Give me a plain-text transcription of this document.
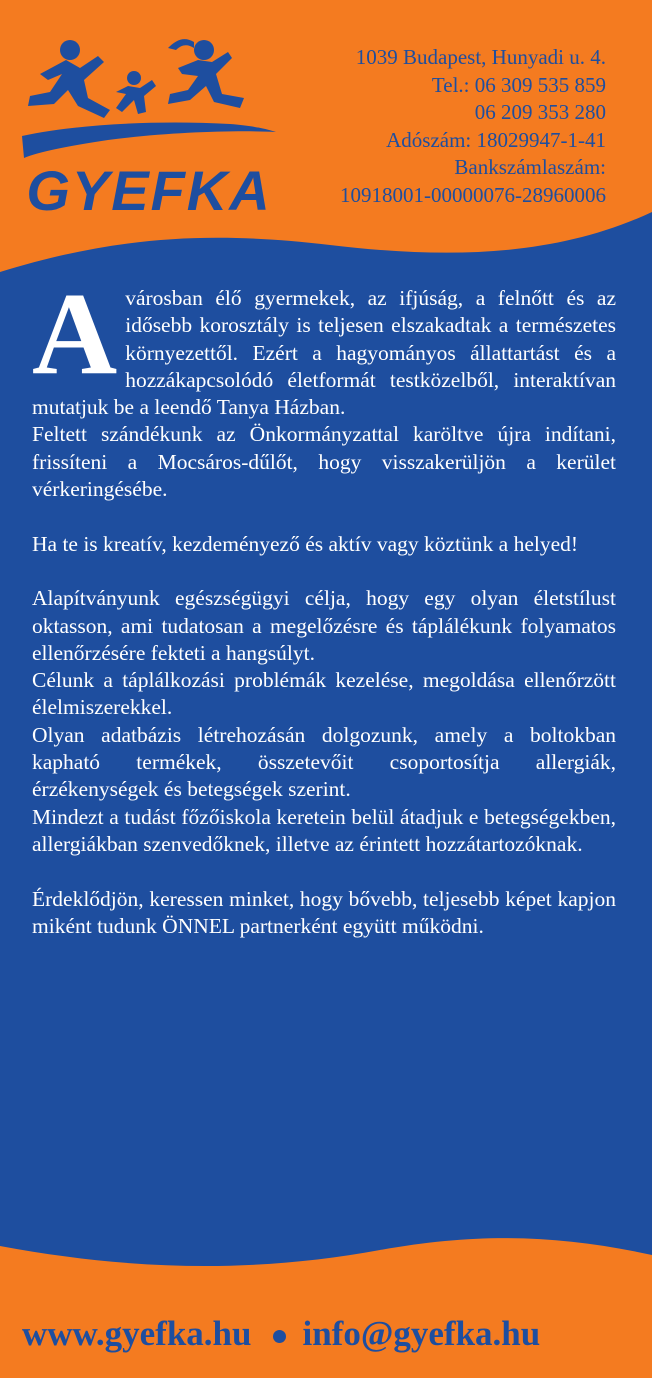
GYEFKA
1039 Budapest, Hunyadi u. 4.
Tel.: 06 309 535 859
06 209 353 280
Adószám: 18029947-1-41
Bankszámlaszám:
10918001-00000076-28960006

Avárosban élő gyermekek, az ifjúság, a felnőtt és az idősebb korosztály is teljesen elszakadtak a természetes környezettől. Ezért a hagyományos állattartást és a hozzákapcsolódó életformát testközelből, interaktívan mutatjuk be a leendő Tanya Házban.

Feltett szándékunk az Önkormányzattal karöltve újra indítani, frissíteni a Mocsáros-dűlőt, hogy visszakerüljön a kerület vérkeringésébe.

Ha te is kreatív, kezdeményező és aktív vagy köztünk a helyed!

Alapítványunk egészségügyi célja, hogy egy olyan életstílust oktasson, ami tudatosan a megelőzésre és táplálékunk folyamatos ellenőrzésére fekteti a hangsúlyt.

Célunk a táplálkozási problémák kezelése, megoldása ellenőrzött élelmiszerekkel.

Olyan adatbázis létrehozásán dolgozunk, amely a boltokban kapható termékek, összetevőit csoportosítja allergiák, érzékenységek és betegségek szerint.

Mindezt a tudást főzőiskola keretein belül átadjuk e betegségekben, allergiákban szenvedőknek, illetve az érintett hozzátartozóknak.

Érdeklődjön, keressen minket, hogy bővebb, teljesebb képet kapjon miként tudunk ÖNNEL partnerként együtt működni.

www.gyefka.hu info@gyefka.hu
